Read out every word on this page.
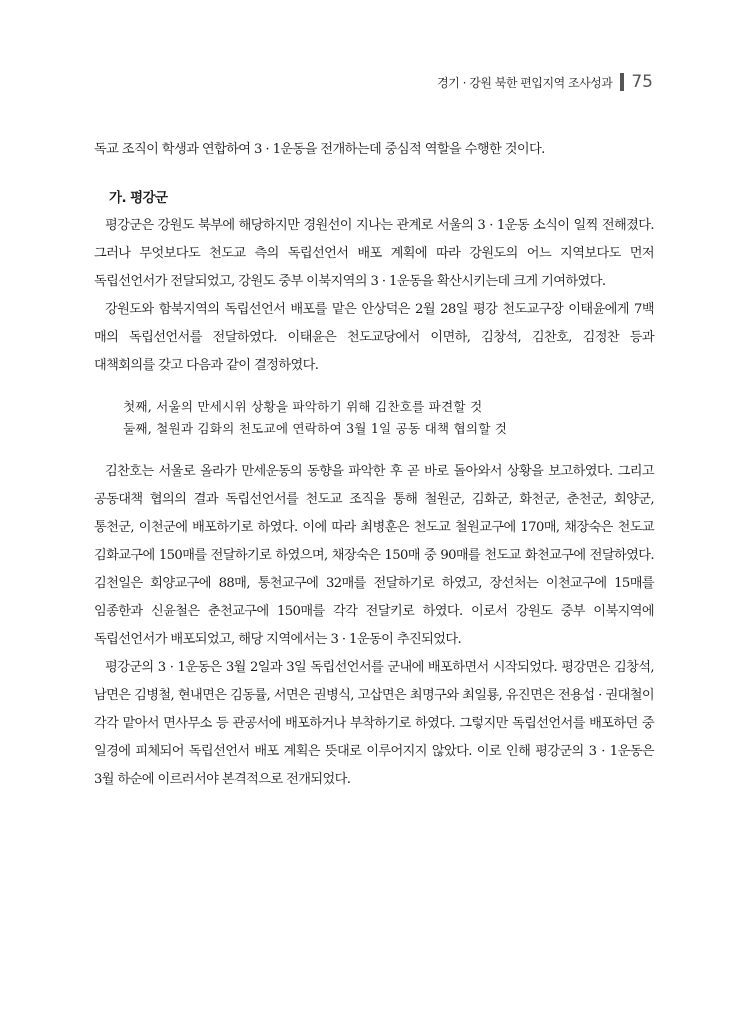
경기 · 강원 북한 편입지역 조사성과 75

독교 조직이 학생과 연합하여 3 · 1운동을 전개하는데 중심적 역할을 수행한 것이다.

가. 평강군

평강군은 강원도 북부에 해당하지만 경원선이 지나는 관계로 서울의 3 · 1운동 소식이 일찍 전해졌다. 그러나 무엇보다도 천도교 측의 독립선언서 배포 계획에 따라 강원도의 어느 지역보다도 먼저 독립선언서가 전달되었고, 강원도 중부 이북지역의 3 · 1운동을 확산시키는데 크게 기여하였다.

강원도와 함북지역의 독립선언서 배포를 맡은 안상덕은 2월 28일 평강 천도교구장 이태윤에게 7백 매의 독립선언서를 전달하였다. 이태윤은 천도교당에서 이면하, 김창석, 김찬호, 김정찬 등과 대책회의를 갖고 다음과 같이 결정하였다.

첫째, 서울의 만세시위 상황을 파악하기 위해 김찬호를 파견할 것
둘째, 철원과 김화의 천도교에 연락하여 3월 1일 공동 대책 협의할 것

김찬호는 서울로 올라가 만세운동의 동향을 파악한 후 곧 바로 돌아와서 상황을 보고하였다. 그리고 공동대책 협의의 결과 독립선언서를 천도교 조직을 통해 철원군, 김화군, 화천군, 춘천군, 회양군, 통천군, 이천군에 배포하기로 하였다. 이에 따라 최병훈은 천도교 철원교구에 170매, 채장숙은 천도교 김화교구에 150매를 전달하기로 하였으며, 채장숙은 150매 중 90매를 천도교 화천교구에 전달하였다. 김천일은 회양교구에 88매, 통천교구에 32매를 전달하기로 하였고, 장선처는 이천교구에 15매를 임종한과 신윤철은 춘천교구에 150매를 각각 전달키로 하였다. 이로서 강원도 중부 이북지역에 독립선언서가 배포되었고, 해당 지역에서는 3 · 1운동이 추진되었다.

평강군의 3 · 1운동은 3월 2일과 3일 독립선언서를 군내에 배포하면서 시작되었다. 평강면은 김창석, 남면은 김병철, 현내면은 김동률, 서면은 권병식, 고삽면은 최명구와 최일룡, 유진면은 전용섭 · 권대철이 각각 맡아서 면사무소 등 관공서에 배포하거나 부착하기로 하였다. 그렇지만 독립선언서를 배포하던 중 일경에 피체되어 독립선언서 배포 계획은 뜻대로 이루어지지 않았다. 이로 인해 평강군의 3 · 1운동은 3월 하순에 이르러서야 본격적으로 전개되었다.
